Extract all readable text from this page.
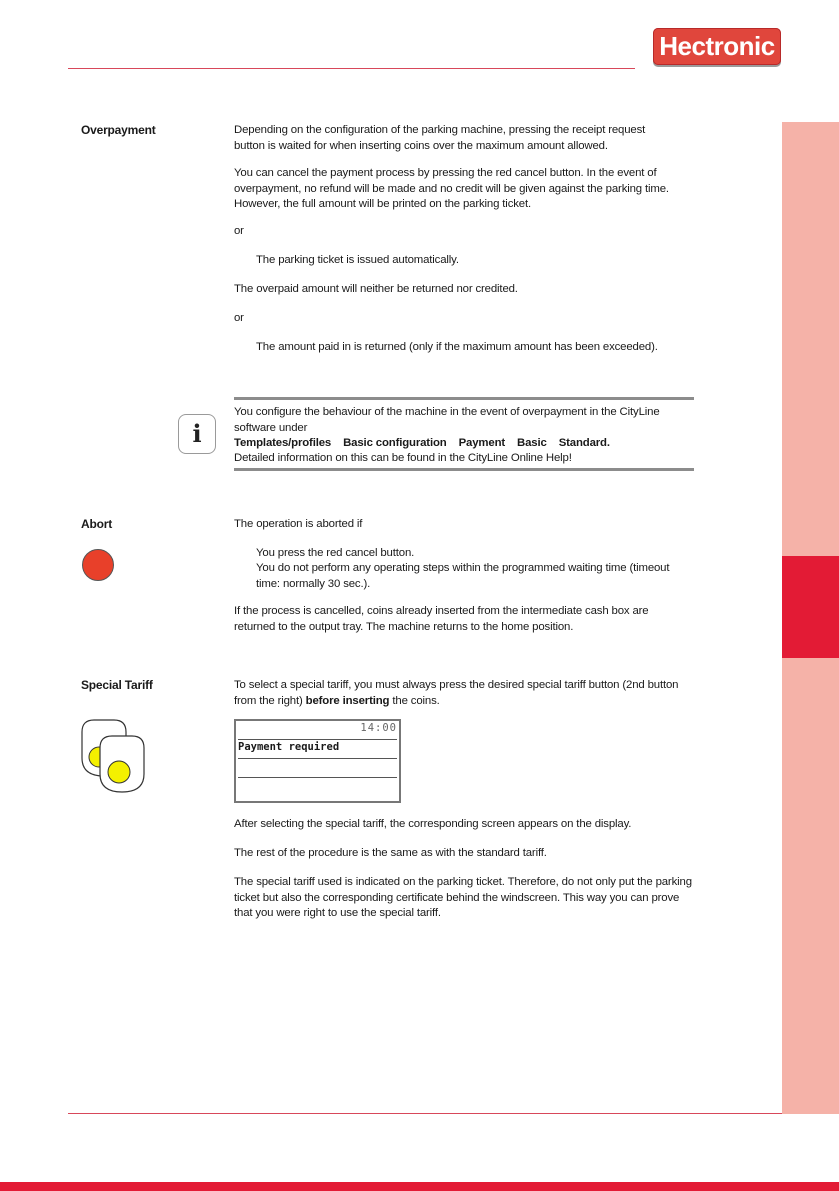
Hectronic
Overpayment	Depending on the configuration of the parking machine, pressing the receipt request button is waited for when inserting coins over the maximum amount allowed.
You can cancel the payment process by pressing the red cancel button. In the event of overpayment, no refund will be made and no credit will be given against the parking time. However, the full amount will be printed on the parking ticket.
or
The parking ticket is issued automatically.
The overpaid amount will neither be returned nor credited.
or
The amount paid in is returned (only if the maximum amount has been exceeded).
i
You configure the behaviour of the machine in the event of overpayment in the CityLine software under
Templates/profiles Basic configuration Payment Basic Standard.
Detailed information on this can be found in the CityLine Online Help!
Abort	The operation is aborted if
You press the red cancel button.
You do not perform any operating steps within the programmed waiting time (timeout time: normally 30 sec.).
If the process is cancelled, coins already inserted from the intermediate cash box are returned to the output tray. The machine returns to the home position.
Special Tariff	To select a special tariff, you must always press the desired special tariff button (2nd button from the right) before inserting the coins.
14:00
Payment required
After selecting the special tariff, the corresponding screen appears on the display.
The rest of the procedure is the same as with the standard tariff.
The special tariff used is indicated on the parking ticket. Therefore, do not only put the parking ticket but also the corresponding certificate behind the windscreen. This way you can prove that you were right to use the special tariff.
